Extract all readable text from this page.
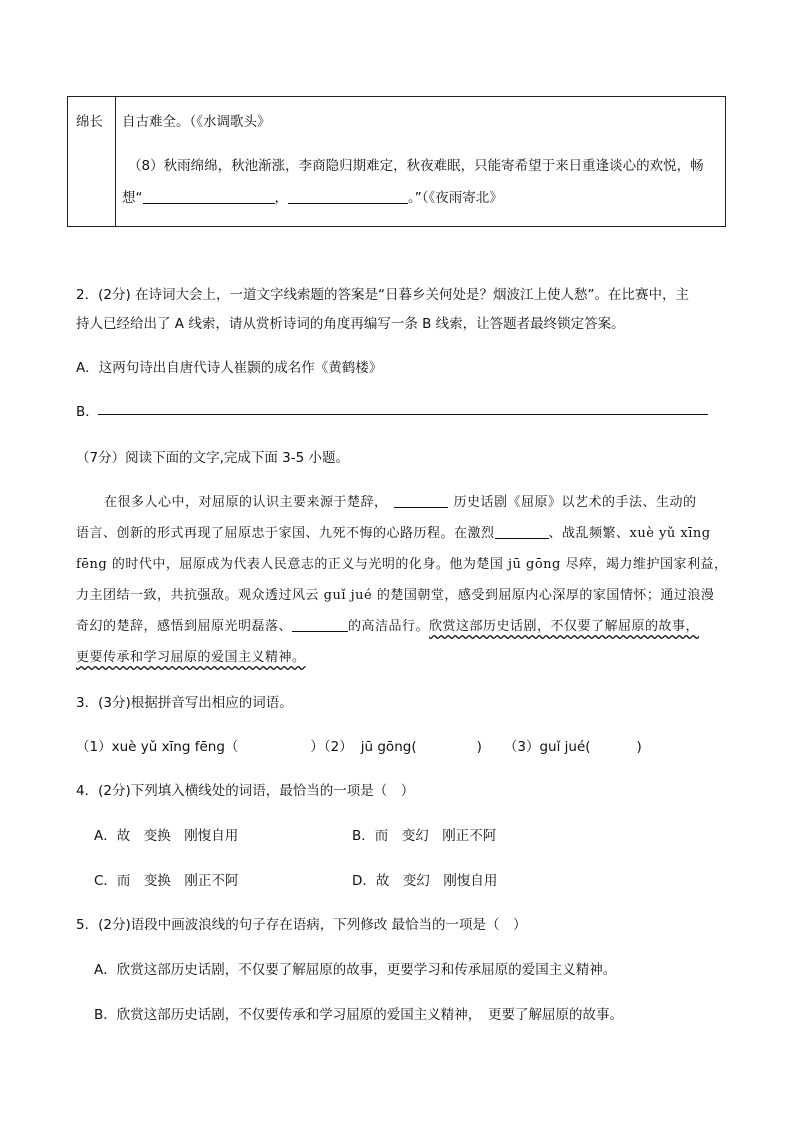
绵长 自古难全。（《水调歌头》
（8）秋雨绵绵，秋池渐涨，李商隐归期难定，秋夜难眠，只能寄希望于来日重逢谈心的欢悦，畅
想“	，	。”（《夜雨寄北》
2．(2分) 在诗词大会上，一道文字线索题的答案是“日暮乡关何处是？烟波江上使人愁”。在比赛中，主
持人已经给出了 A 线索，请从赏析诗词的角度再编写一条 B 线索，让答题者最终锁定答案。
A．这两句诗出自唐代诗人崔颢的成名作《黄鹤楼》
B．
（7分）阅读下面的文字,完成下面 3-5 小题。
在很多人心中，对屈原的认识主要来源于楚辞，	历史话剧《屈原》以艺术的手法、生动的
语言、创新的形式再现了屈原忠于家国、九死不悔的心路历程。在激烈	、战乱频繁、xuè yǔ xīng
fēng 的时代中，屈原成为代表人民意志的正义与光明的化身。他为楚国 jū gōng 尽瘁，竭力维护国家利益，
力主团结一致，共抗强敌。观众透过风云 guǐ jué 的楚国朝堂，感受到屈原内心深厚的家国情怀；通过浪漫
奇幻的楚辞，感悟到屈原光明磊落、	的高洁品行。欣赏这部历史话剧，不仅要了解屈原的故事，
更要传承和学习屈原的爱国主义精神。
3．(3分)根据拼音写出相应的词语。
（1）xuè yǔ xīng fēng（	）（2） jū gōng(	) （3）guǐ jué(	)
4．(2分)下列填入横线处的词语，最恰当的一项是（　）
A．故　变换　刚愎自用	B．而　变幻　刚正不阿
C．而　变换　刚正不阿	D．故　变幻　刚愎自用
5．(2分)语段中画波浪线的句子存在语病，下列修改 最恰当的一项是（　）
A．欣赏这部历史话剧，不仅要了解屈原的故事，更要学习和传承屈原的爱国主义精神。
B．欣赏这部历史话剧，不仅要传承和学习屈原的爱国主义精神，　更要了解屈原的故事。
